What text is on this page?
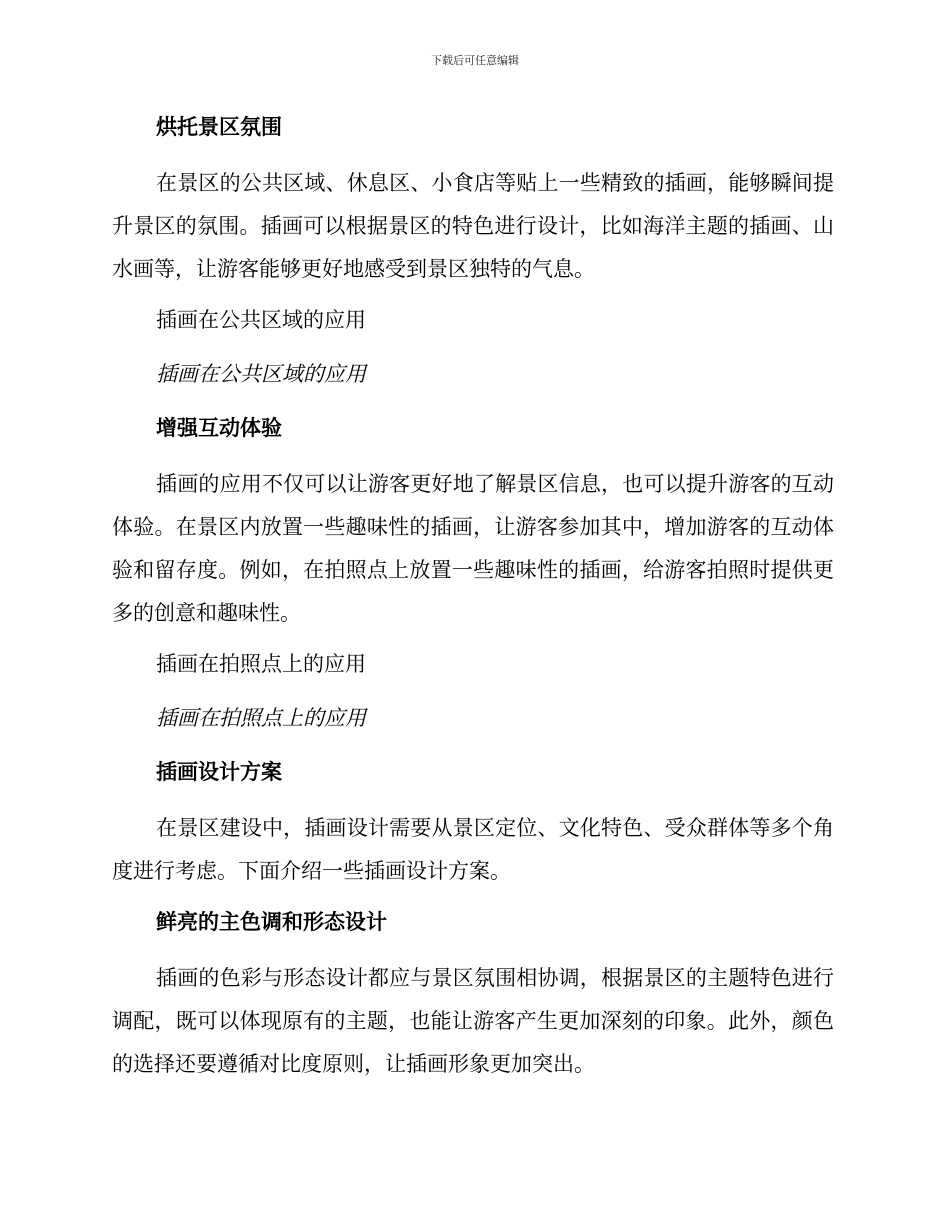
下载后可任意编辑

烘托景区氛围

在景区的公共区域、休息区、小食店等贴上一些精致的插画，能够瞬间提升景区的氛围。插画可以根据景区的特色进行设计，比如海洋主题的插画、山水画等，让游客能够更好地感受到景区独特的气息。

插画在公共区域的应用

插画在公共区域的应用

增强互动体验

插画的应用不仅可以让游客更好地了解景区信息，也可以提升游客的互动体验。在景区内放置一些趣味性的插画，让游客参加其中，增加游客的互动体验和留存度。例如，在拍照点上放置一些趣味性的插画，给游客拍照时提供更多的创意和趣味性。

插画在拍照点上的应用

插画在拍照点上的应用

插画设计方案

在景区建设中，插画设计需要从景区定位、文化特色、受众群体等多个角度进行考虑。下面介绍一些插画设计方案。

鲜亮的主色调和形态设计

插画的色彩与形态设计都应与景区氛围相协调，根据景区的主题特色进行调配，既可以体现原有的主题，也能让游客产生更加深刻的印象。此外，颜色的选择还要遵循对比度原则，让插画形象更加突出。
